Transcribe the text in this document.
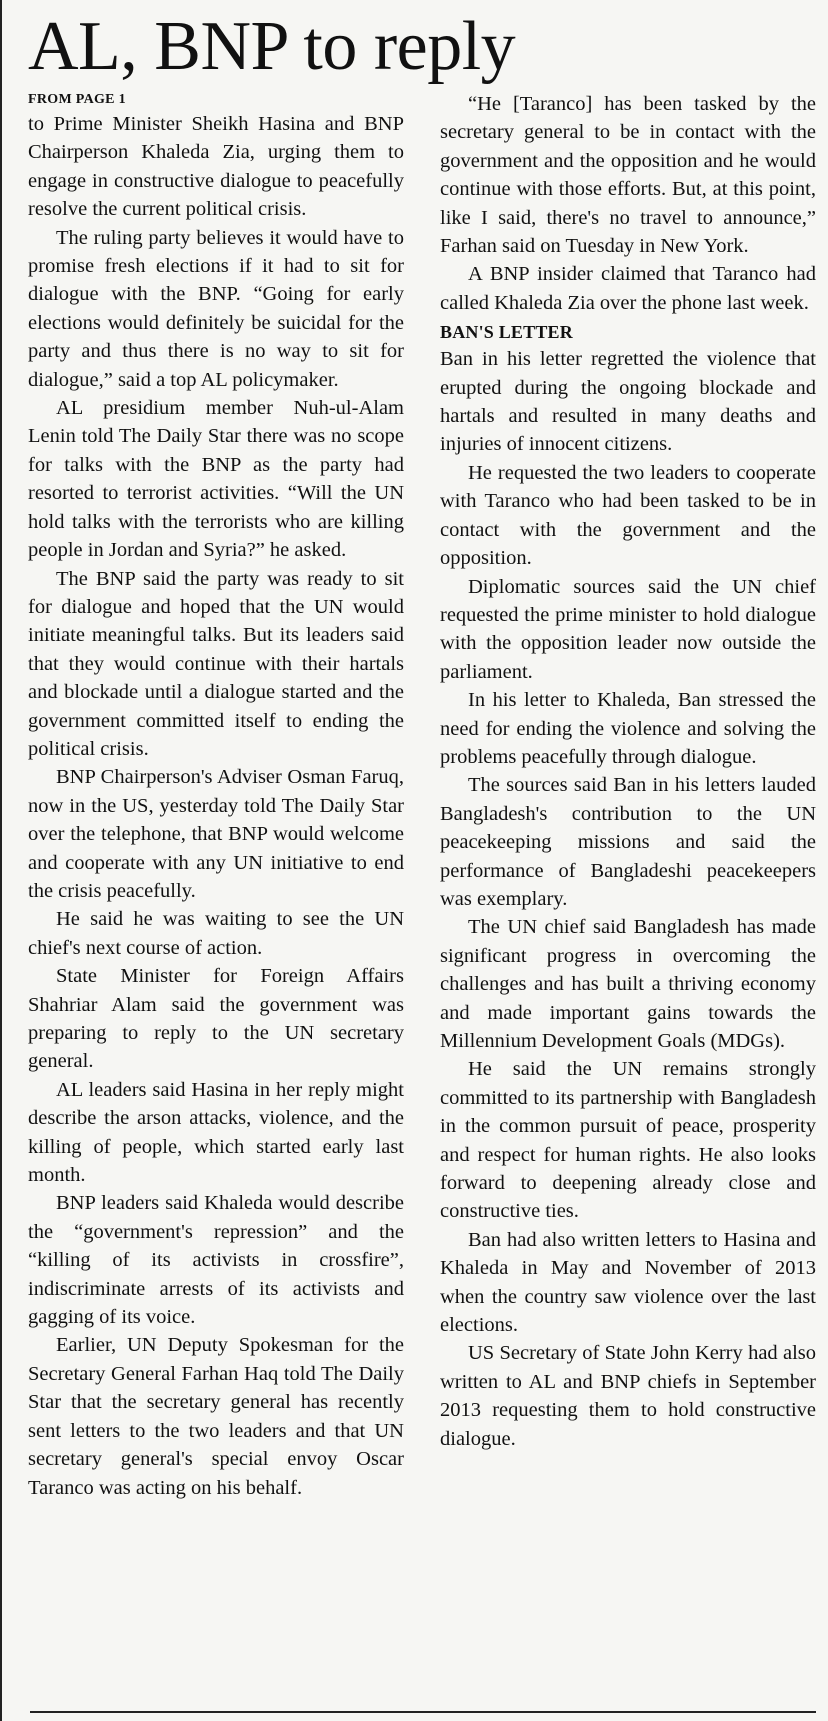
AL, BNP to reply
FROM PAGE 1

to Prime Minister Sheikh Hasina and BNP Chairperson Khaleda Zia, urging them to engage in constructive dialogue to peacefully resolve the current political crisis.

The ruling party believes it would have to promise fresh elections if it had to sit for dialogue with the BNP. “Going for early elections would definitely be suicidal for the party and thus there is no way to sit for dialogue,” said a top AL policymaker.

AL presidium member Nuh-ul-Alam Lenin told The Daily Star there was no scope for talks with the BNP as the party had resorted to terrorist activities. “Will the UN hold talks with the terrorists who are killing people in Jordan and Syria?” he asked.

The BNP said the party was ready to sit for dialogue and hoped that the UN would initiate meaningful talks. But its leaders said that they would continue with their hartals and blockade until a dialogue started and the government committed itself to ending the political crisis.

BNP Chairperson's Adviser Osman Faruq, now in the US, yesterday told The Daily Star over the telephone, that BNP would welcome and cooperate with any UN initiative to end the crisis peacefully.

He said he was waiting to see the UN chief's next course of action.

State Minister for Foreign Affairs Shahriar Alam said the government was preparing to reply to the UN secretary general.

AL leaders said Hasina in her reply might describe the arson attacks, violence, and the killing of people, which started early last month.

BNP leaders said Khaleda would describe the “government's repression” and the “killing of its activists in crossfire”, indiscriminate arrests of its activists and gagging of its voice.

Earlier, UN Deputy Spokesman for the Secretary General Farhan Haq told The Daily Star that the secretary general has recently sent letters to the two leaders and that UN secretary general's special envoy Oscar Taranco was acting on his behalf.

“He [Taranco] has been tasked by the secretary general to be in contact with the government and the opposition and he would continue with those efforts. But, at this point, like I said, there's no travel to announce,” Farhan said on Tuesday in New York.

A BNP insider claimed that Taranco had called Khaleda Zia over the phone last week.

BAN'S LETTER

Ban in his letter regretted the violence that erupted during the ongoing blockade and hartals and resulted in many deaths and injuries of innocent citizens.

He requested the two leaders to cooperate with Taranco who had been tasked to be in contact with the government and the opposition.

Diplomatic sources said the UN chief requested the prime minister to hold dialogue with the opposition leader now outside the parliament.

In his letter to Khaleda, Ban stressed the need for ending the violence and solving the problems peacefully through dialogue.

The sources said Ban in his letters lauded Bangladesh's contribution to the UN peacekeeping missions and said the performance of Bangladeshi peacekeepers was exemplary.

The UN chief said Bangladesh has made significant progress in overcoming the challenges and has built a thriving economy and made important gains towards the Millennium Development Goals (MDGs).

He said the UN remains strongly committed to its partnership with Bangladesh in the common pursuit of peace, prosperity and respect for human rights. He also looks forward to deepening already close and constructive ties.

Ban had also written letters to Hasina and Khaleda in May and November of 2013 when the country saw violence over the last elections.

US Secretary of State John Kerry had also written to AL and BNP chiefs in September 2013 requesting them to hold constructive dialogue.
